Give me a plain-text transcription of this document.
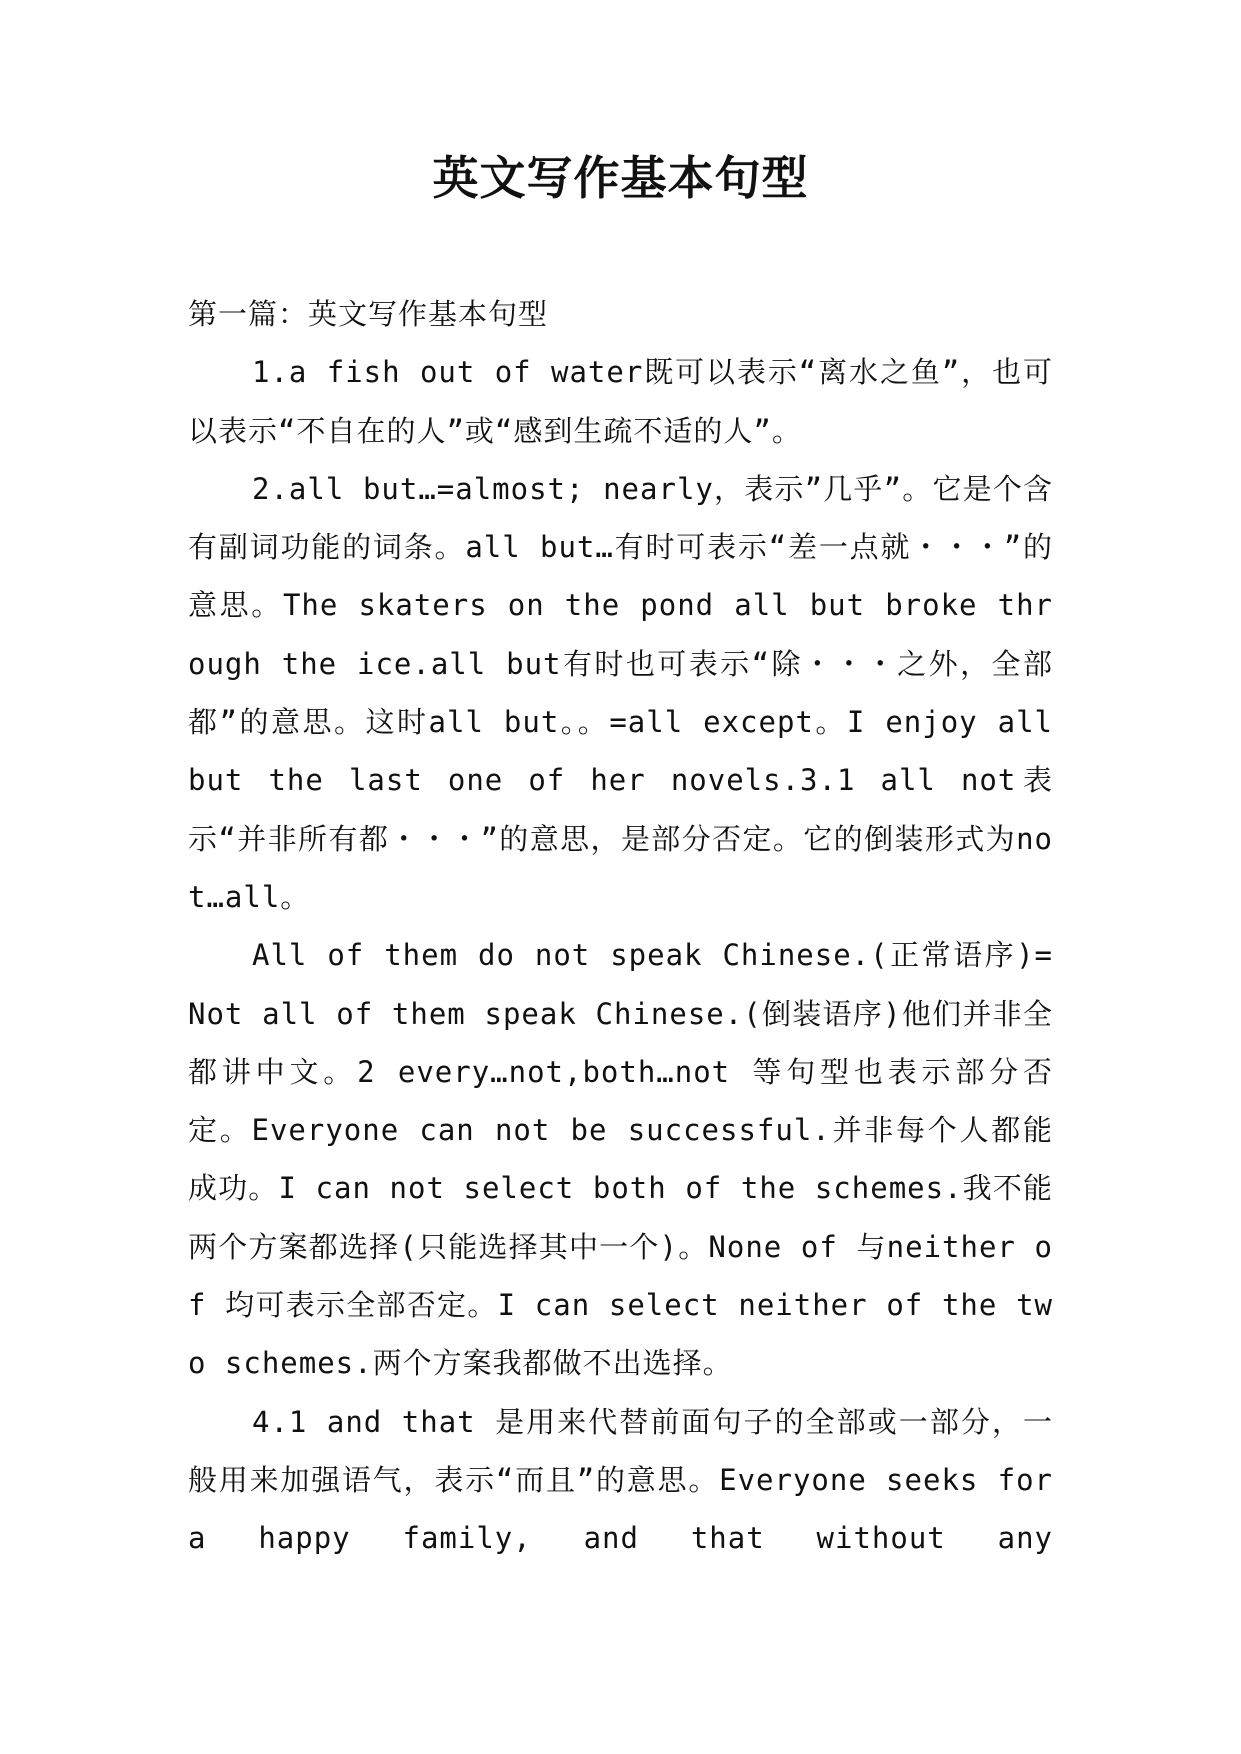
英文写作基本句型

第一篇：英文写作基本句型

1.a fish out of water既可以表示“离水之鱼”，也可以表示“不自在的人”或“感到生疏不适的人”。

2.all but…=almost; nearly，表示”几乎”。它是个含有副词功能的词条。all but…有时可表示“差一点就・・・”的意思。The skaters on the pond all but broke through the ice.all but有时也可表示“除・・・之外，全部都”的意思。这时all but。。=all except。I enjoy all but the last one of her novels.3.1 all not表示“并非所有都・・・”的意思，是部分否定。它的倒装形式为not…all。

All of them do not speak Chinese.(正常语序)=Not all of them speak Chinese.(倒装语序)他们并非全都讲中文。2 every…not,both…not 等句型也表示部分否定。Everyone can not be successful.并非每个人都能成功。I can not select both of the schemes.我不能两个方案都选择(只能选择其中一个)。None of 与neither of 均可表示全部否定。I can select neither of the two schemes.两个方案我都做不出选择。

4.1 and that 是用来代替前面句子的全部或一部分，一般用来加强语气，表示“而且”的意思。Everyone seeks for a happy family, and that without any
